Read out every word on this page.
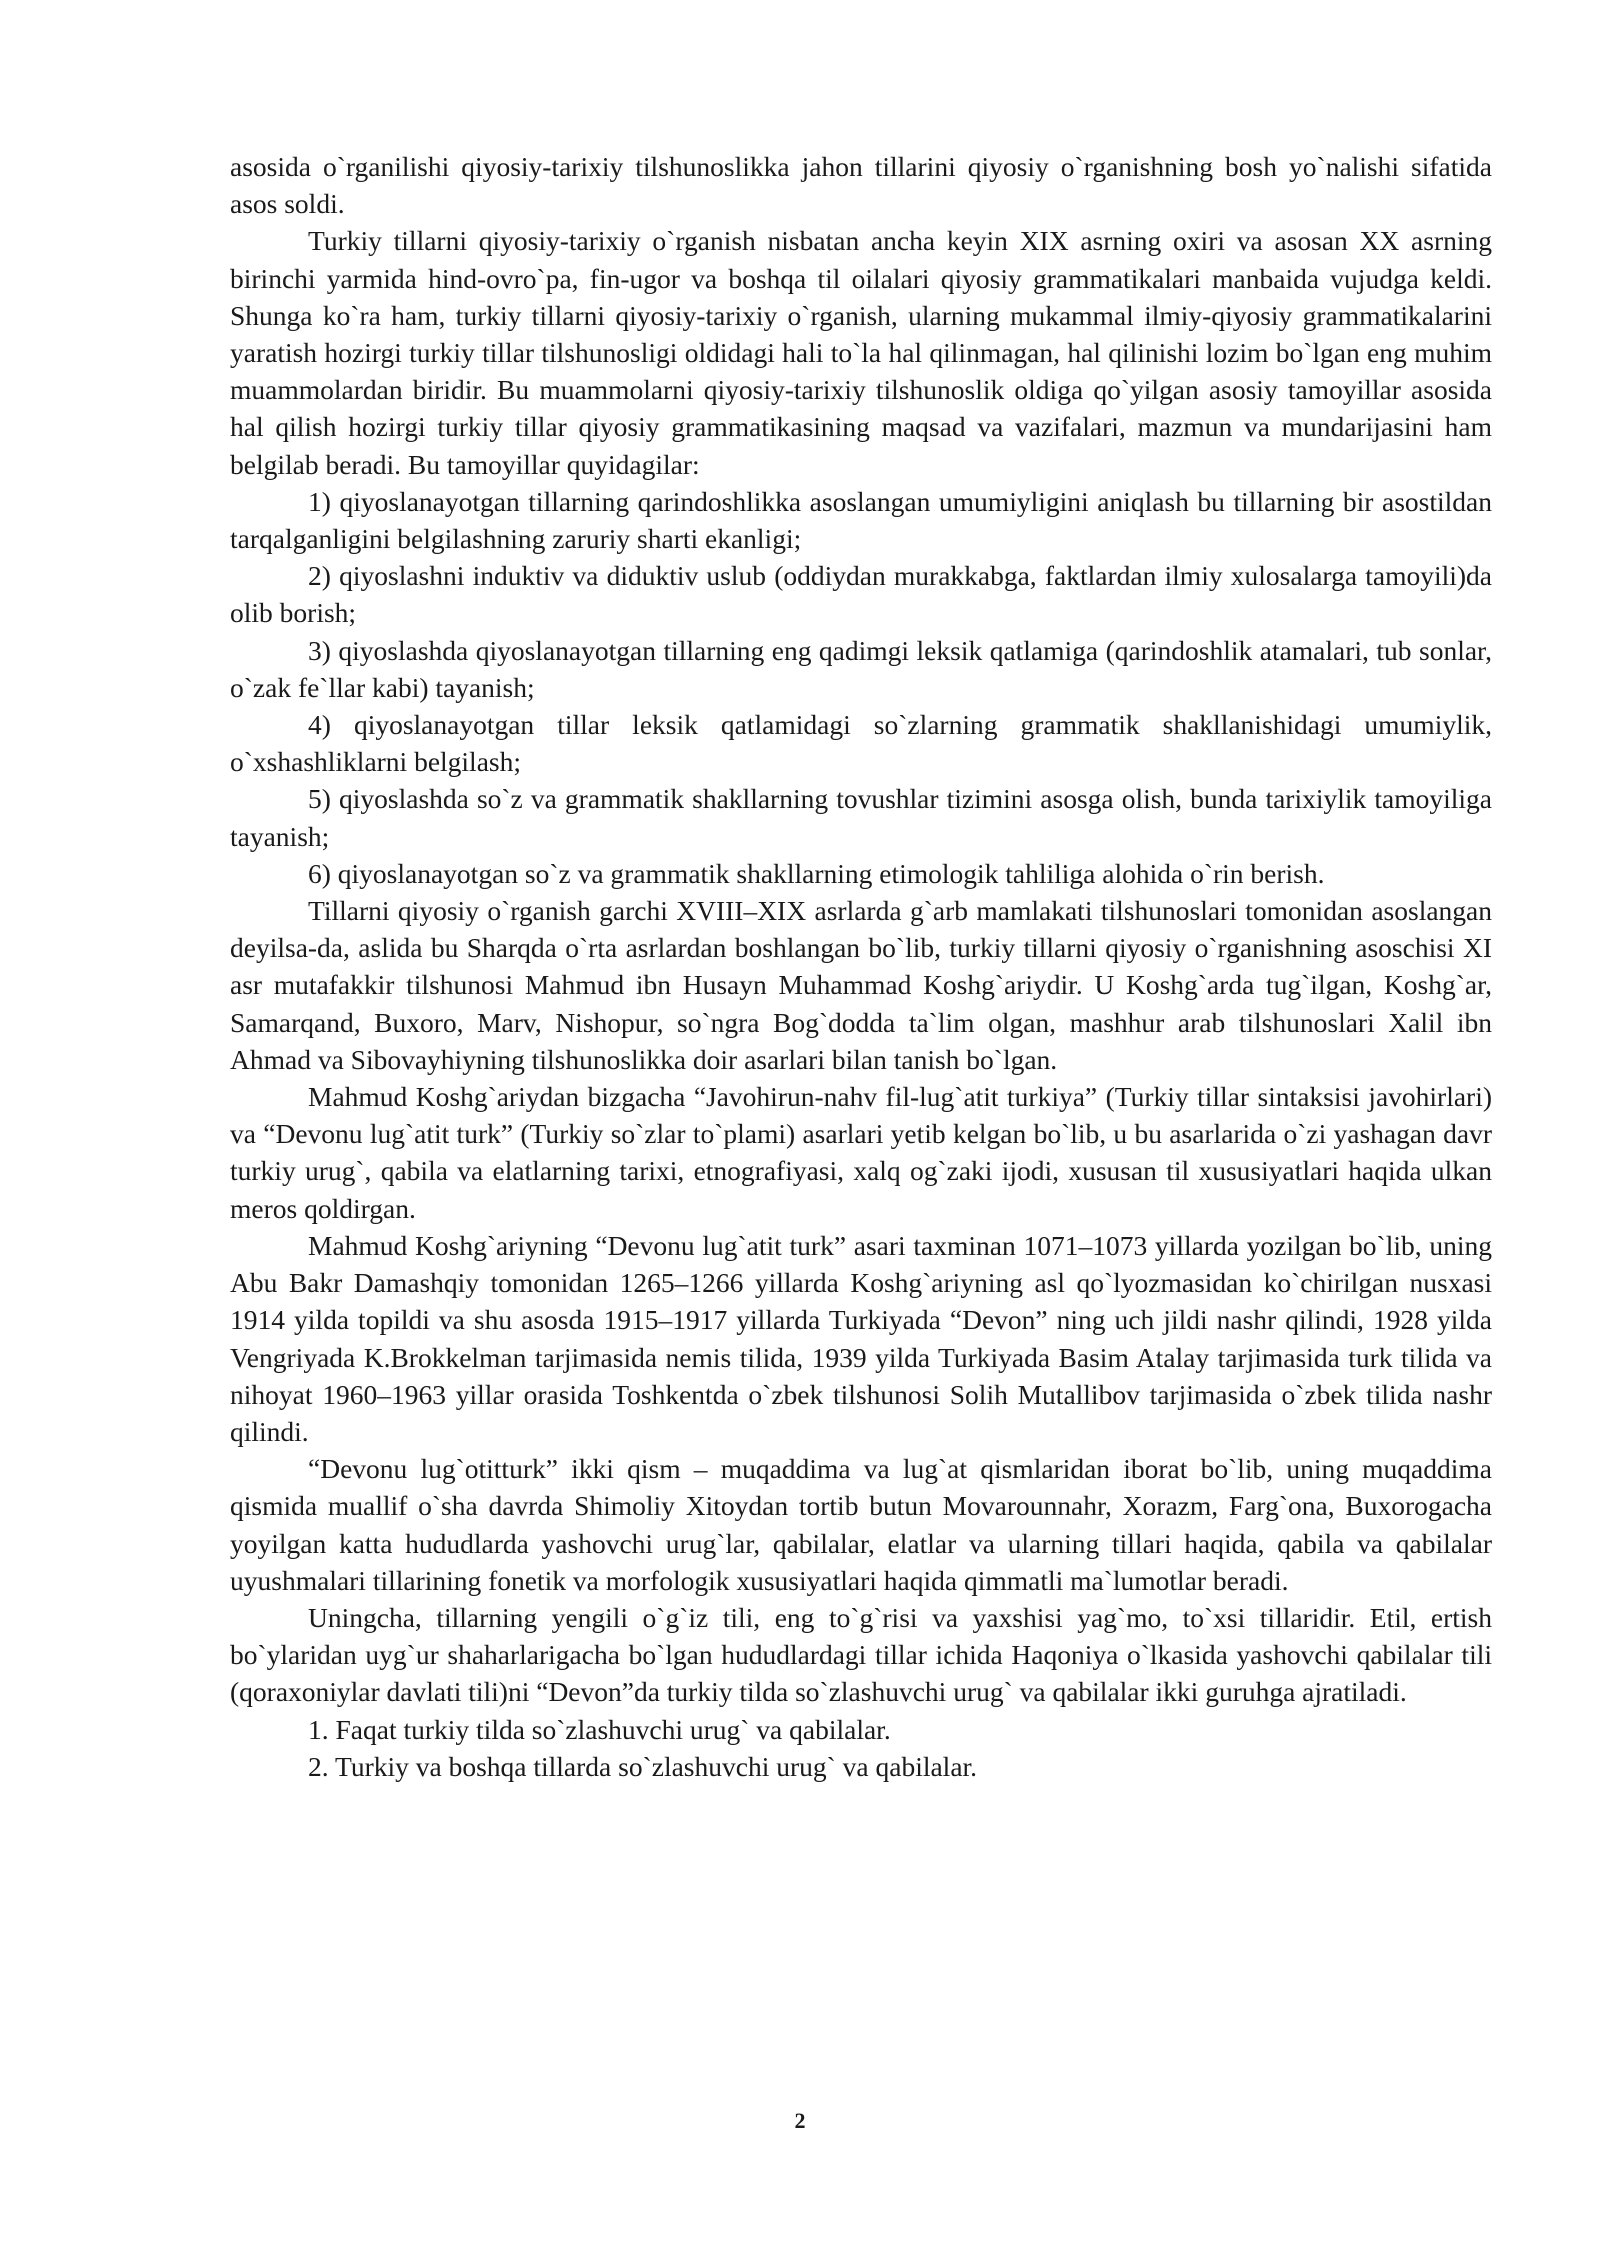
asosida o`rganilishi qiyosiy-tarixiy tilshunoslikka jahon tillarini qiyosiy o`rganishning bosh yo`nalishi sifatida asos soldi.

Turkiy tillarni qiyosiy-tarixiy o`rganish nisbatan ancha keyin XIX asrning oxiri va asosan XX asrning birinchi yarmida hind-ovro`pa, fin-ugor va boshqa til oilalari qiyosiy grammatikalari manbaida vujudga keldi. Shunga ko`ra ham, turkiy tillarni qiyosiy-tarixiy o`rganish, ularning mukammal ilmiy-qiyosiy grammatikalarini yaratish hozirgi turkiy tillar tilshunosligi oldidagi hali to`la hal qilinmagan, hal qilinishi lozim bo`lgan eng muhim muammolardan biridir. Bu muammolarni qiyosiy-tarixiy tilshunoslik oldiga qo`yilgan asosiy tamoyillar asosida hal qilish hozirgi turkiy tillar qiyosiy grammatikasining maqsad va vazifalari, mazmun va mundarijasini ham belgilab beradi. Bu tamoyillar quyidagilar:

1) qiyoslanayotgan tillarning qarindoshlikka asoslangan umumiyligini aniqlash bu tillarning bir asostildan tarqalganligini belgilashning zaruriy sharti ekanligi;

2) qiyoslashni induktiv va diduktiv uslub (oddiydan murakkabga, faktlardan ilmiy xulosalarga tamoyili)da olib borish;

3) qiyoslashda qiyoslanayotgan tillarning eng qadimgi leksik qatlamiga (qarindoshlik atamalari, tub sonlar, o`zak fe`llar kabi) tayanish;

4) qiyoslanayotgan tillar leksik qatlamidagi so`zlarning grammatik shakllanishidagi umumiylik, o`xshashliklarni belgilash;

5) qiyoslashda so`z va grammatik shakllarning tovushlar tizimini asosga olish, bunda tarixiylik tamoyiliga tayanish;

6) qiyoslanayotgan so`z va grammatik shakllarning etimologik tahliliga alohida o`rin berish.

Tillarni qiyosiy o`rganish garchi XVIII–XIX asrlarda g`arb mamlakati tilshunoslari tomonidan asoslangan deyilsa-da, aslida bu Sharqda o`rta asrlardan boshlangan bo`lib, turkiy tillarni qiyosiy o`rganishning asoschisi XI asr mutafakkir tilshunosi Mahmud ibn Husayn Muhammad Koshg`ariydir. U Koshg`arda tug`ilgan, Koshg`ar, Samarqand, Buxoro, Marv, Nishopur, so`ngra Bog`dodda ta`lim olgan, mashhur arab tilshunoslari Xalil ibn Ahmad va Sibovayhiyning tilshunoslikka doir asarlari bilan tanish bo`lgan.

Mahmud Koshg`ariydan bizgacha “Javohirun-nahv fil-lug`atit turkiya” (Turkiy tillar sintaksisi javohirlari) va “Devonu lug`atit turk” (Turkiy so`zlar to`plami) asarlari yetib kelgan bo`lib, u bu asarlarida o`zi yashagan davr turkiy urug`, qabila va elatlarning tarixi, etnografiyasi, xalq og`zaki ijodi, xususan til xususiyatlari haqida ulkan meros qoldirgan.

Mahmud Koshg`ariyning “Devonu lug`atit turk” asari taxminan 1071–1073 yillarda yozilgan bo`lib, uning Abu Bakr Damashqiy tomonidan 1265–1266 yillarda Koshg`ariyning asl qo`lyozmasidan ko`chirilgan nusxasi 1914 yilda topildi va shu asosda 1915–1917 yillarda Turkiyada “Devon” ning uch jildi nashr qilindi, 1928 yilda Vengriyada K.Brokkelman tarjimasida nemis tilida, 1939 yilda Turkiyada Basim Atalay tarjimasida turk tilida va nihoyat 1960–1963 yillar orasida Toshkentda o`zbek tilshunosi Solih Mutallibov tarjimasida o`zbek tilida nashr qilindi.

“Devonu lug`otitturk” ikki qism – muqaddima va lug`at qismlaridan iborat bo`lib, uning muqaddima qismida muallif o`sha davrda Shimoliy Xitoydan tortib butun Movarounnahr, Xorazm, Farg`ona, Buxorogacha yoyilgan katta hududlarda yashovchi urug`lar, qabilalar, elatlar va ularning tillari haqida, qabila va qabilalar uyushmalari tillarining fonetik va morfologik xususiyatlari haqida qimmatli ma`lumotlar beradi.

Uningcha, tillarning yengili o`g`iz tili, eng to`g`risi va yaxshisi yag`mo, to`xsi tillaridir. Etil, ertish bo`ylaridan uyg`ur shaharlarigacha bo`lgan hududlardagi tillar ichida Haqoniya o`lkasida yashovchi qabilalar tili (qoraxoniylar davlati tili)ni “Devon”da turkiy tilda so`zlashuvchi urug` va qabilalar ikki guruhga ajratiladi.

1. Faqat turkiy tilda so`zlashuvchi urug` va qabilalar.

2. Turkiy va boshqa tillarda so`zlashuvchi urug` va qabilalar.

2
